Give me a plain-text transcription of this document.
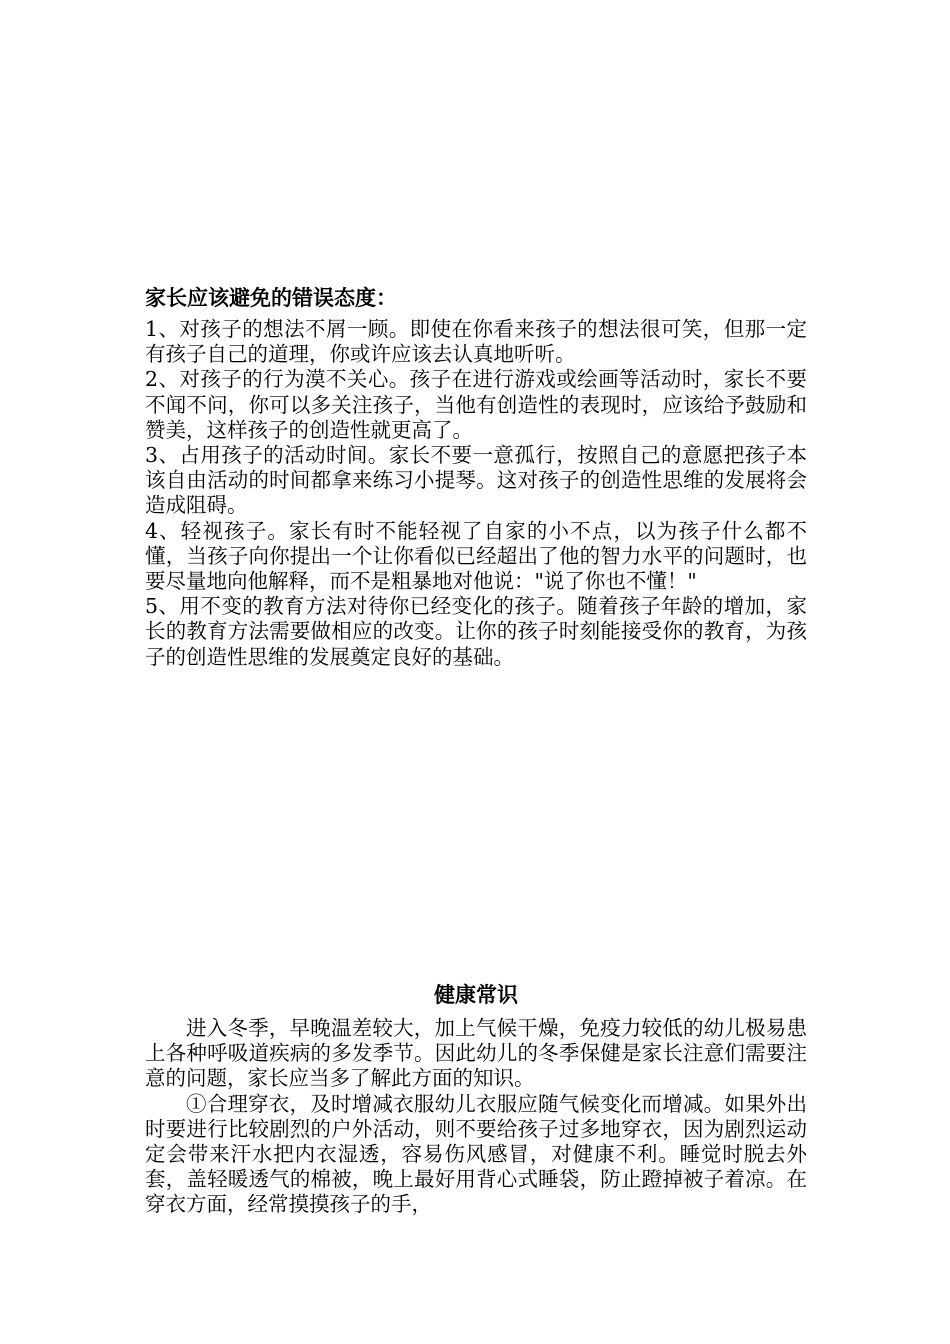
家长应该避免的错误态度：

1、对孩子的想法不屑一顾。即使在你看来孩子的想法很可笑，但那一定有孩子自己的道理，你或许应该去认真地听听。

2、对孩子的行为漠不关心。孩子在进行游戏或绘画等活动时，家长不要不闻不问，你可以多关注孩子，当他有创造性的表现时，应该给予鼓励和赞美，这样孩子的创造性就更高了。

3、占用孩子的活动时间。家长不要一意孤行，按照自己的意愿把孩子本该自由活动的时间都拿来练习小提琴。这对孩子的创造性思维的发展将会造成阻碍。

4、轻视孩子。家长有时不能轻视了自家的小不点，以为孩子什么都不懂，当孩子向你提出一个让你看似已经超出了他的智力水平的问题时，也要尽量地向他解释，而不是粗暴地对他说："说了你也不懂！"

5、用不变的教育方法对待你已经变化的孩子。随着孩子年龄的增加，家长的教育方法需要做相应的改变。让你的孩子时刻能接受你的教育，为孩子的创造性思维的发展奠定良好的基础。

健康常识

进入冬季，早晚温差较大，加上气候干燥，免疫力较低的幼儿极易患上各种呼吸道疾病的多发季节。因此幼儿的冬季保健是家长注意们需要注意的问题，家长应当多了解此方面的知识。

①合理穿衣，及时增减衣服幼儿衣服应随气候变化而增减。如果外出时要进行比较剧烈的户外活动，则不要给孩子过多地穿衣，因为剧烈运动定会带来汗水把内衣湿透，容易伤风感冒，对健康不利。睡觉时脱去外套，盖轻暖透气的棉被，晚上最好用背心式睡袋，防止蹬掉被子着凉。在穿衣方面，经常摸摸孩子的手，
